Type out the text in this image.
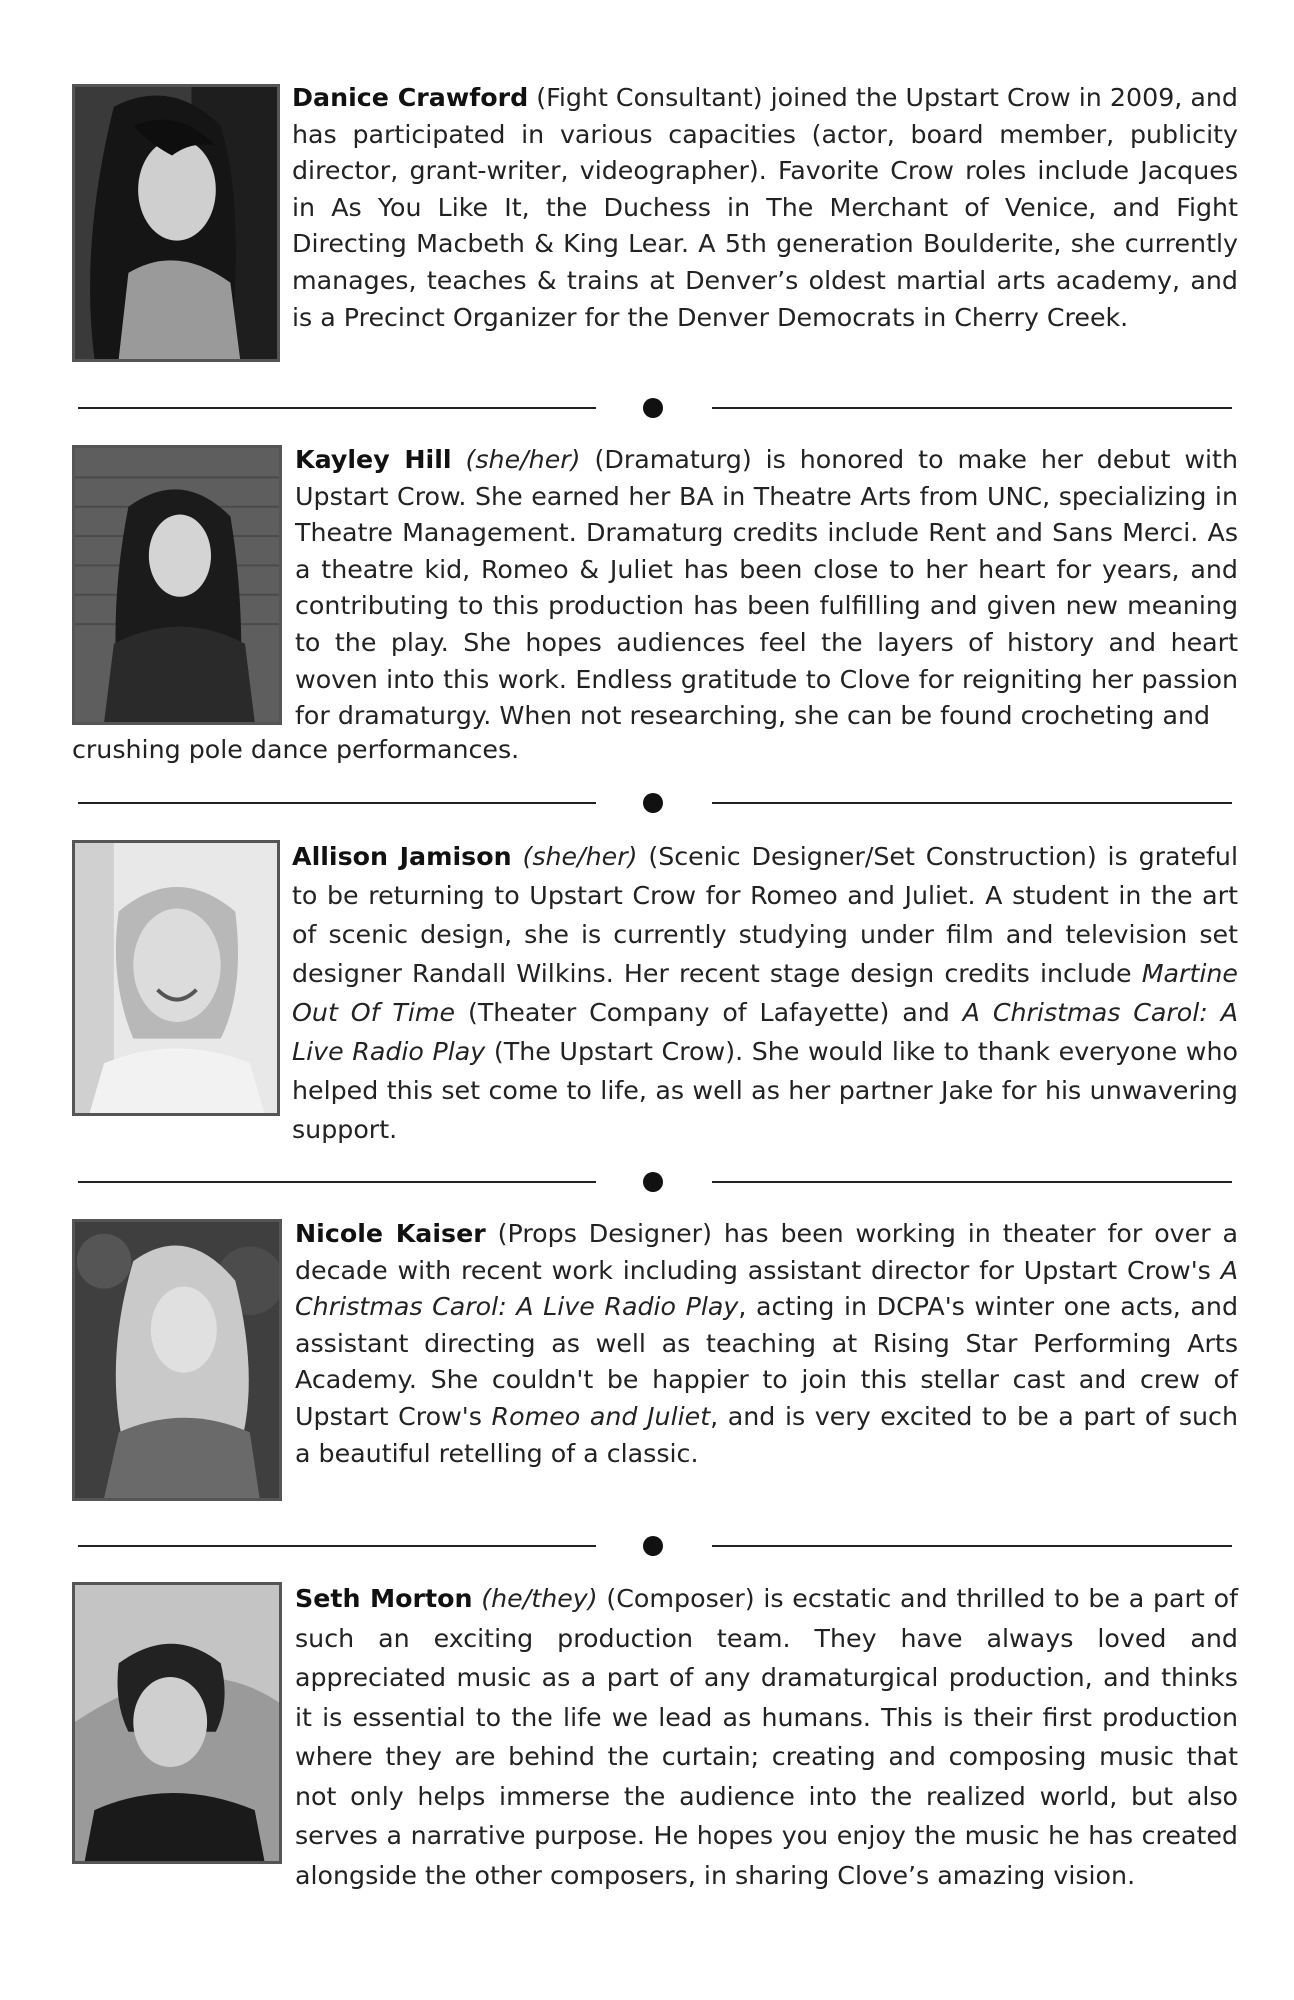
Danice Crawford (Fight Consultant) joined the Upstart Crow in 2009, and has participated in various capacities (actor, board member, publicity director, grant-writer, videographer). Favorite Crow roles include Jacques in As You Like It, the Duchess in The Merchant of Venice, and Fight Directing Macbeth & King Lear. A 5th generation Boulderite, she currently manages, teaches & trains at Denver’s oldest martial arts academy, and is a Precinct Organizer for the Denver Democrats in Cherry Creek.

Kayley Hill (she/her) (Dramaturg) is honored to make her debut with Upstart Crow. She earned her BA in Theatre Arts from UNC, specializing in Theatre Management. Dramaturg credits include Rent and Sans Merci. As a theatre kid, Romeo & Juliet has been close to her heart for years, and contributing to this production has been fulfilling and given new meaning to the play. She hopes audiences feel the layers of history and heart woven into this work. Endless gratitude to Clove for reigniting her passion for dramaturgy. When not researching, she can be found crocheting and

crushing pole dance performances.

Allison Jamison (she/her) (Scenic Designer/Set Construction) is grateful to be returning to Upstart Crow for Romeo and Juliet. A student in the art of scenic design, she is currently studying under film and television set designer Randall Wilkins. Her recent stage design credits include Martine Out Of Time (Theater Company of Lafayette) and A Christmas Carol: A Live Radio Play (The Upstart Crow). She would like to thank everyone who helped this set come to life, as well as her partner Jake for his unwavering support.

Nicole Kaiser (Props Designer) has been working in theater for over a decade with recent work including assistant director for Upstart Crow's A Christmas Carol: A Live Radio Play, acting in DCPA's winter one acts, and assistant directing as well as teaching at Rising Star Performing Arts Academy. She couldn't be happier to join this stellar cast and crew of Upstart Crow's Romeo and Juliet, and is very excited to be a part of such a beautiful retelling of a classic.

Seth Morton (he/they) (Composer) is ecstatic and thrilled to be a part of such an exciting production team. They have always loved and appreciated music as a part of any dramaturgical production, and thinks it is essential to the life we lead as humans. This is their first production where they are behind the curtain; creating and composing music that not only helps immerse the audience into the realized world, but also serves a narrative purpose. He hopes you enjoy the music he has created alongside the other composers, in sharing Clove’s amazing vision.
